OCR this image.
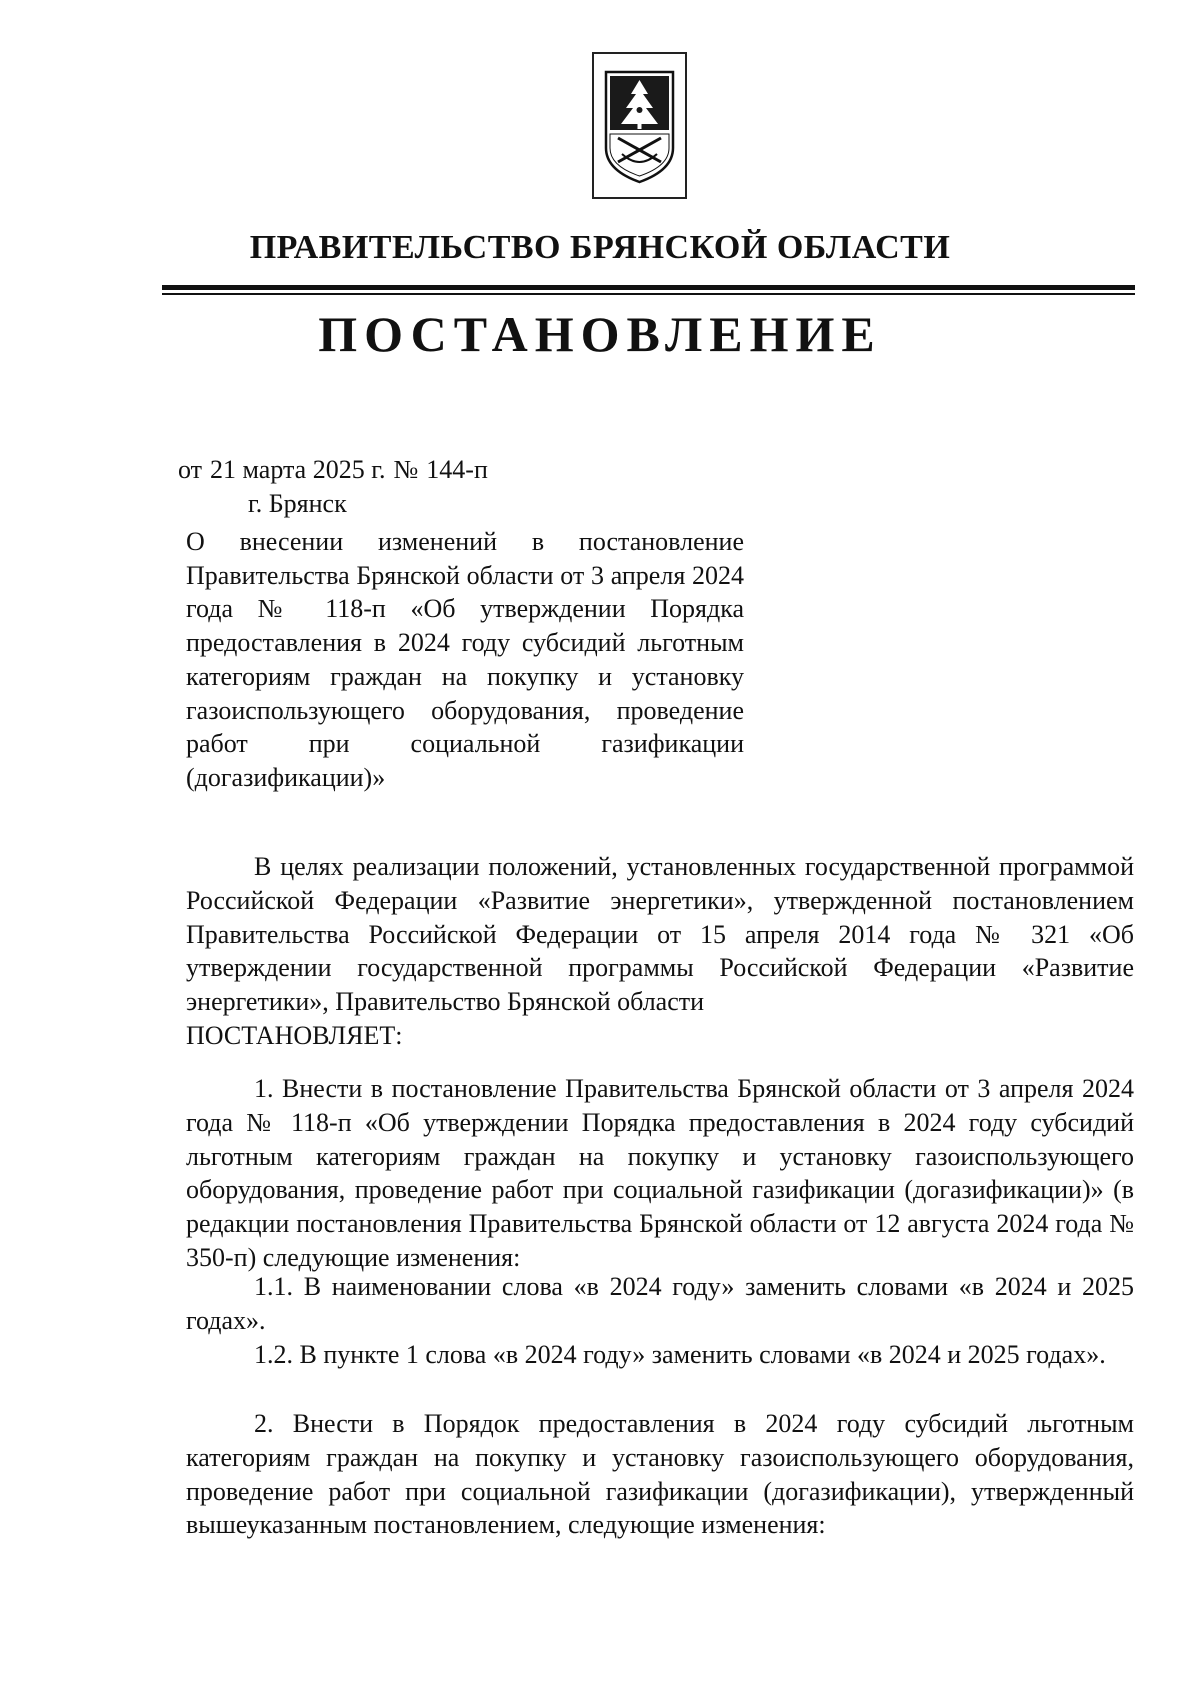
ПРАВИТЕЛЬСТВО БРЯНСКОЙ ОБЛАСТИ
ПОСТАНОВЛЕНИЕ
от 21 марта 2025 г. № 144-п
г. Брянск
О внесении изменений в постановление Правительства Брянской области от 3 апреля 2024 года № 118-п «Об утверждении Порядка предоставления в 2024 году субсидий льготным категориям граждан на покупку и установку газоиспользующего оборудования, проведение работ при социальной газификации (догазификации)»

В целях реализации положений, установленных государственной программой Российской Федерации «Развитие энергетики», утвержденной постановлением Правительства Российской Федерации от 15 апреля 2014 года № 321 «Об утверждении государственной программы Российской Федерации «Развитие энергетики», Правительство Брянской области
ПОСТАНОВЛЯЕТ:

1. Внести в постановление Правительства Брянской области от 3 апреля 2024 года № 118-п «Об утверждении Порядка предоставления в 2024 году субсидий льготным категориям граждан на покупку и установку газоиспользующего оборудования, проведение работ при социальной газификации (догазификации)» (в редакции постановления Правительства Брянской области от 12 августа 2024 года № 350-п) следующие изменения:

1.1. В наименовании слова «в 2024 году» заменить словами «в 2024 и 2025 годах».

1.2. В пункте 1 слова «в 2024 году» заменить словами «в 2024 и 2025 годах».

2. Внести в Порядок предоставления в 2024 году субсидий льготным категориям граждан на покупку и установку газоиспользующего оборудования, проведение работ при социальной газификации (догазификации), утвержденный вышеуказанным постановлением, следующие изменения:
